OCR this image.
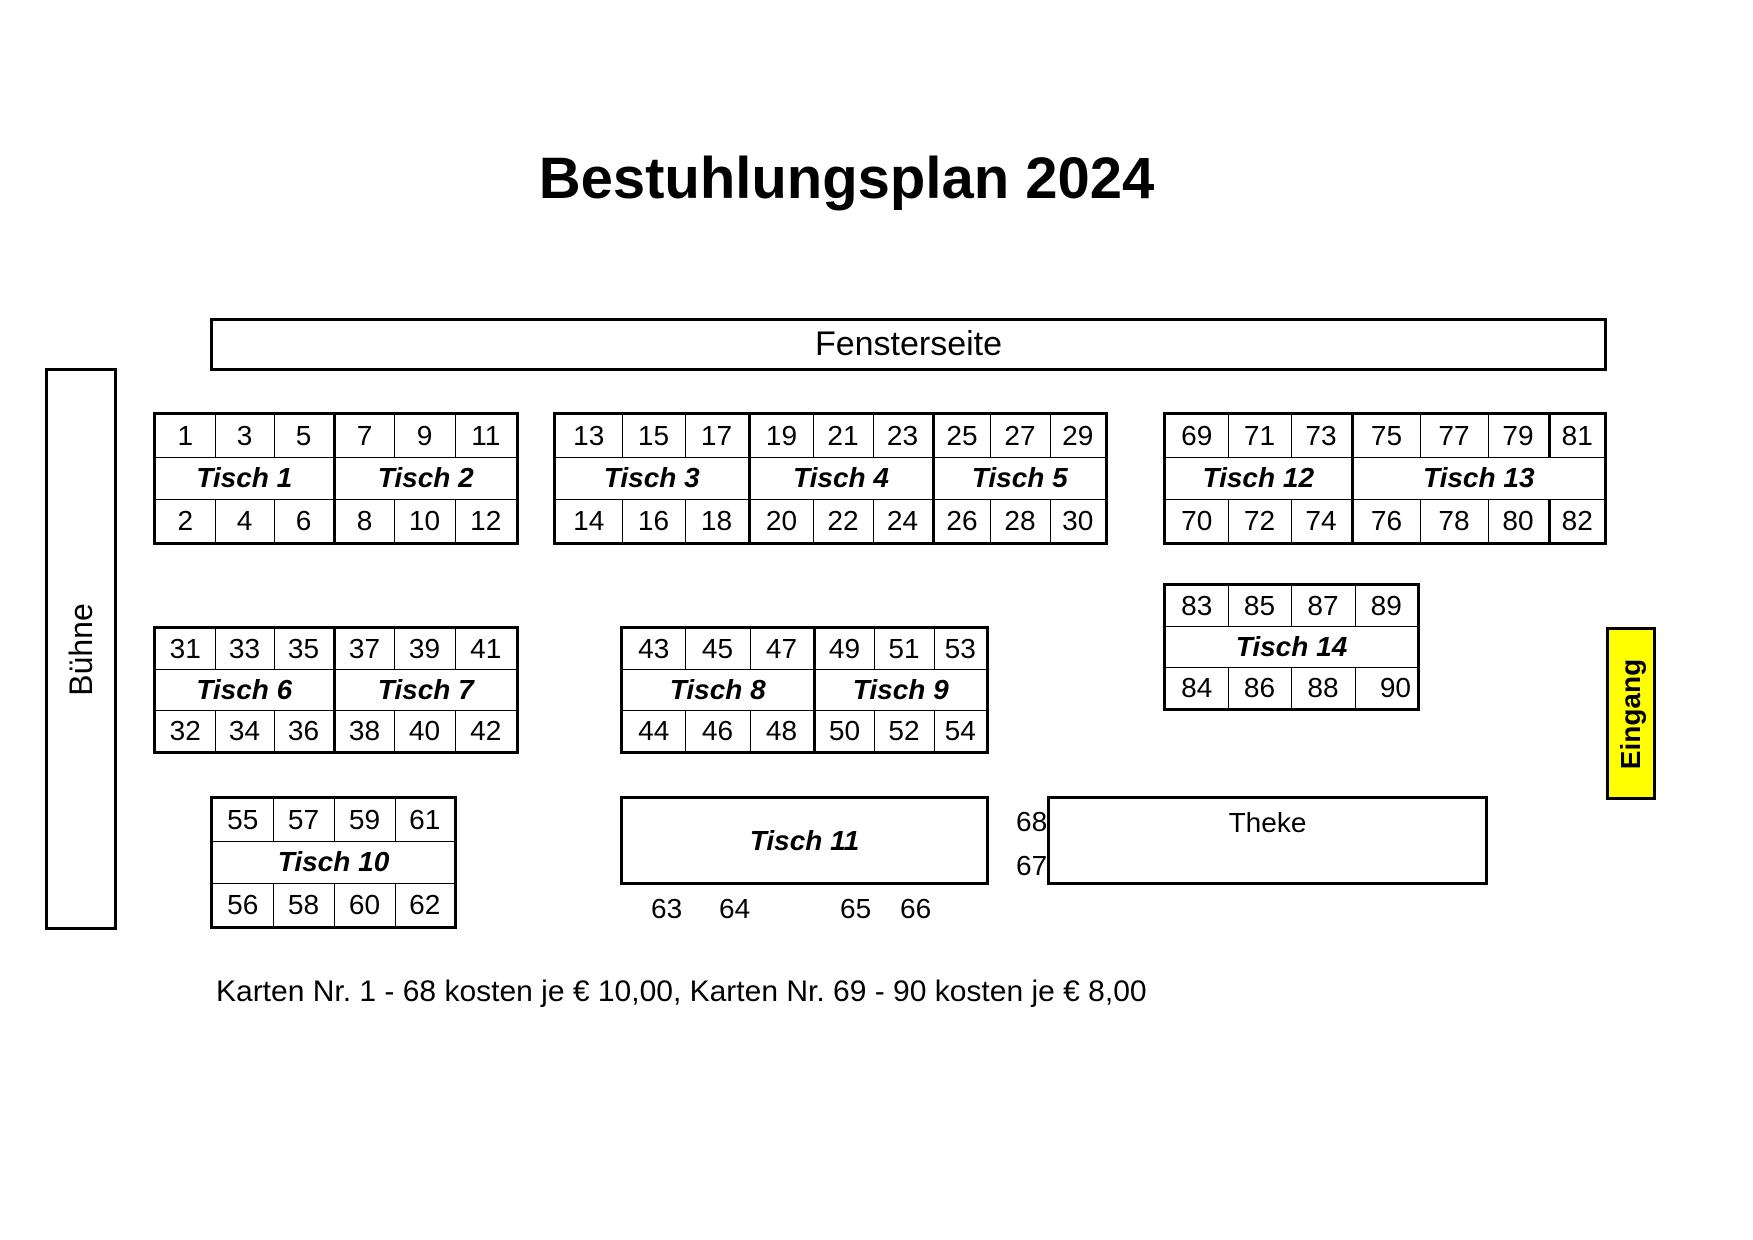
Bestuhlungsplan 2024
Fensterseite
Bühne
Eingang
1	3	5	7	9	11
Tisch 1			Tisch 2		
2	4	6	8	10	12
13	15	17	19	21	23	25	27	29
Tisch 3			Tisch 4			Tisch 5		
14	16	18	20	22	24	26	28	30
69	71	73	75	77	79	81
Tisch 12			Tisch 13			
70	72	74	76	78	80	82
83	85	87	89
Tisch 14			
84	86	88	90
31	33	35	37	39	41
Tisch 6			Tisch 7		
32	34	36	38	40	42
43	45	47	49	51	53
Tisch 8			Tisch 9		
44	46	48	50	52	54
55	57	59	61
Tisch 10			
56	58	60	62
Tisch 11
63 64	65 66
68
67
Theke
Karten Nr. 1 - 68 kosten je € 10,00, Karten Nr. 69 - 90 kosten je € 8,00
